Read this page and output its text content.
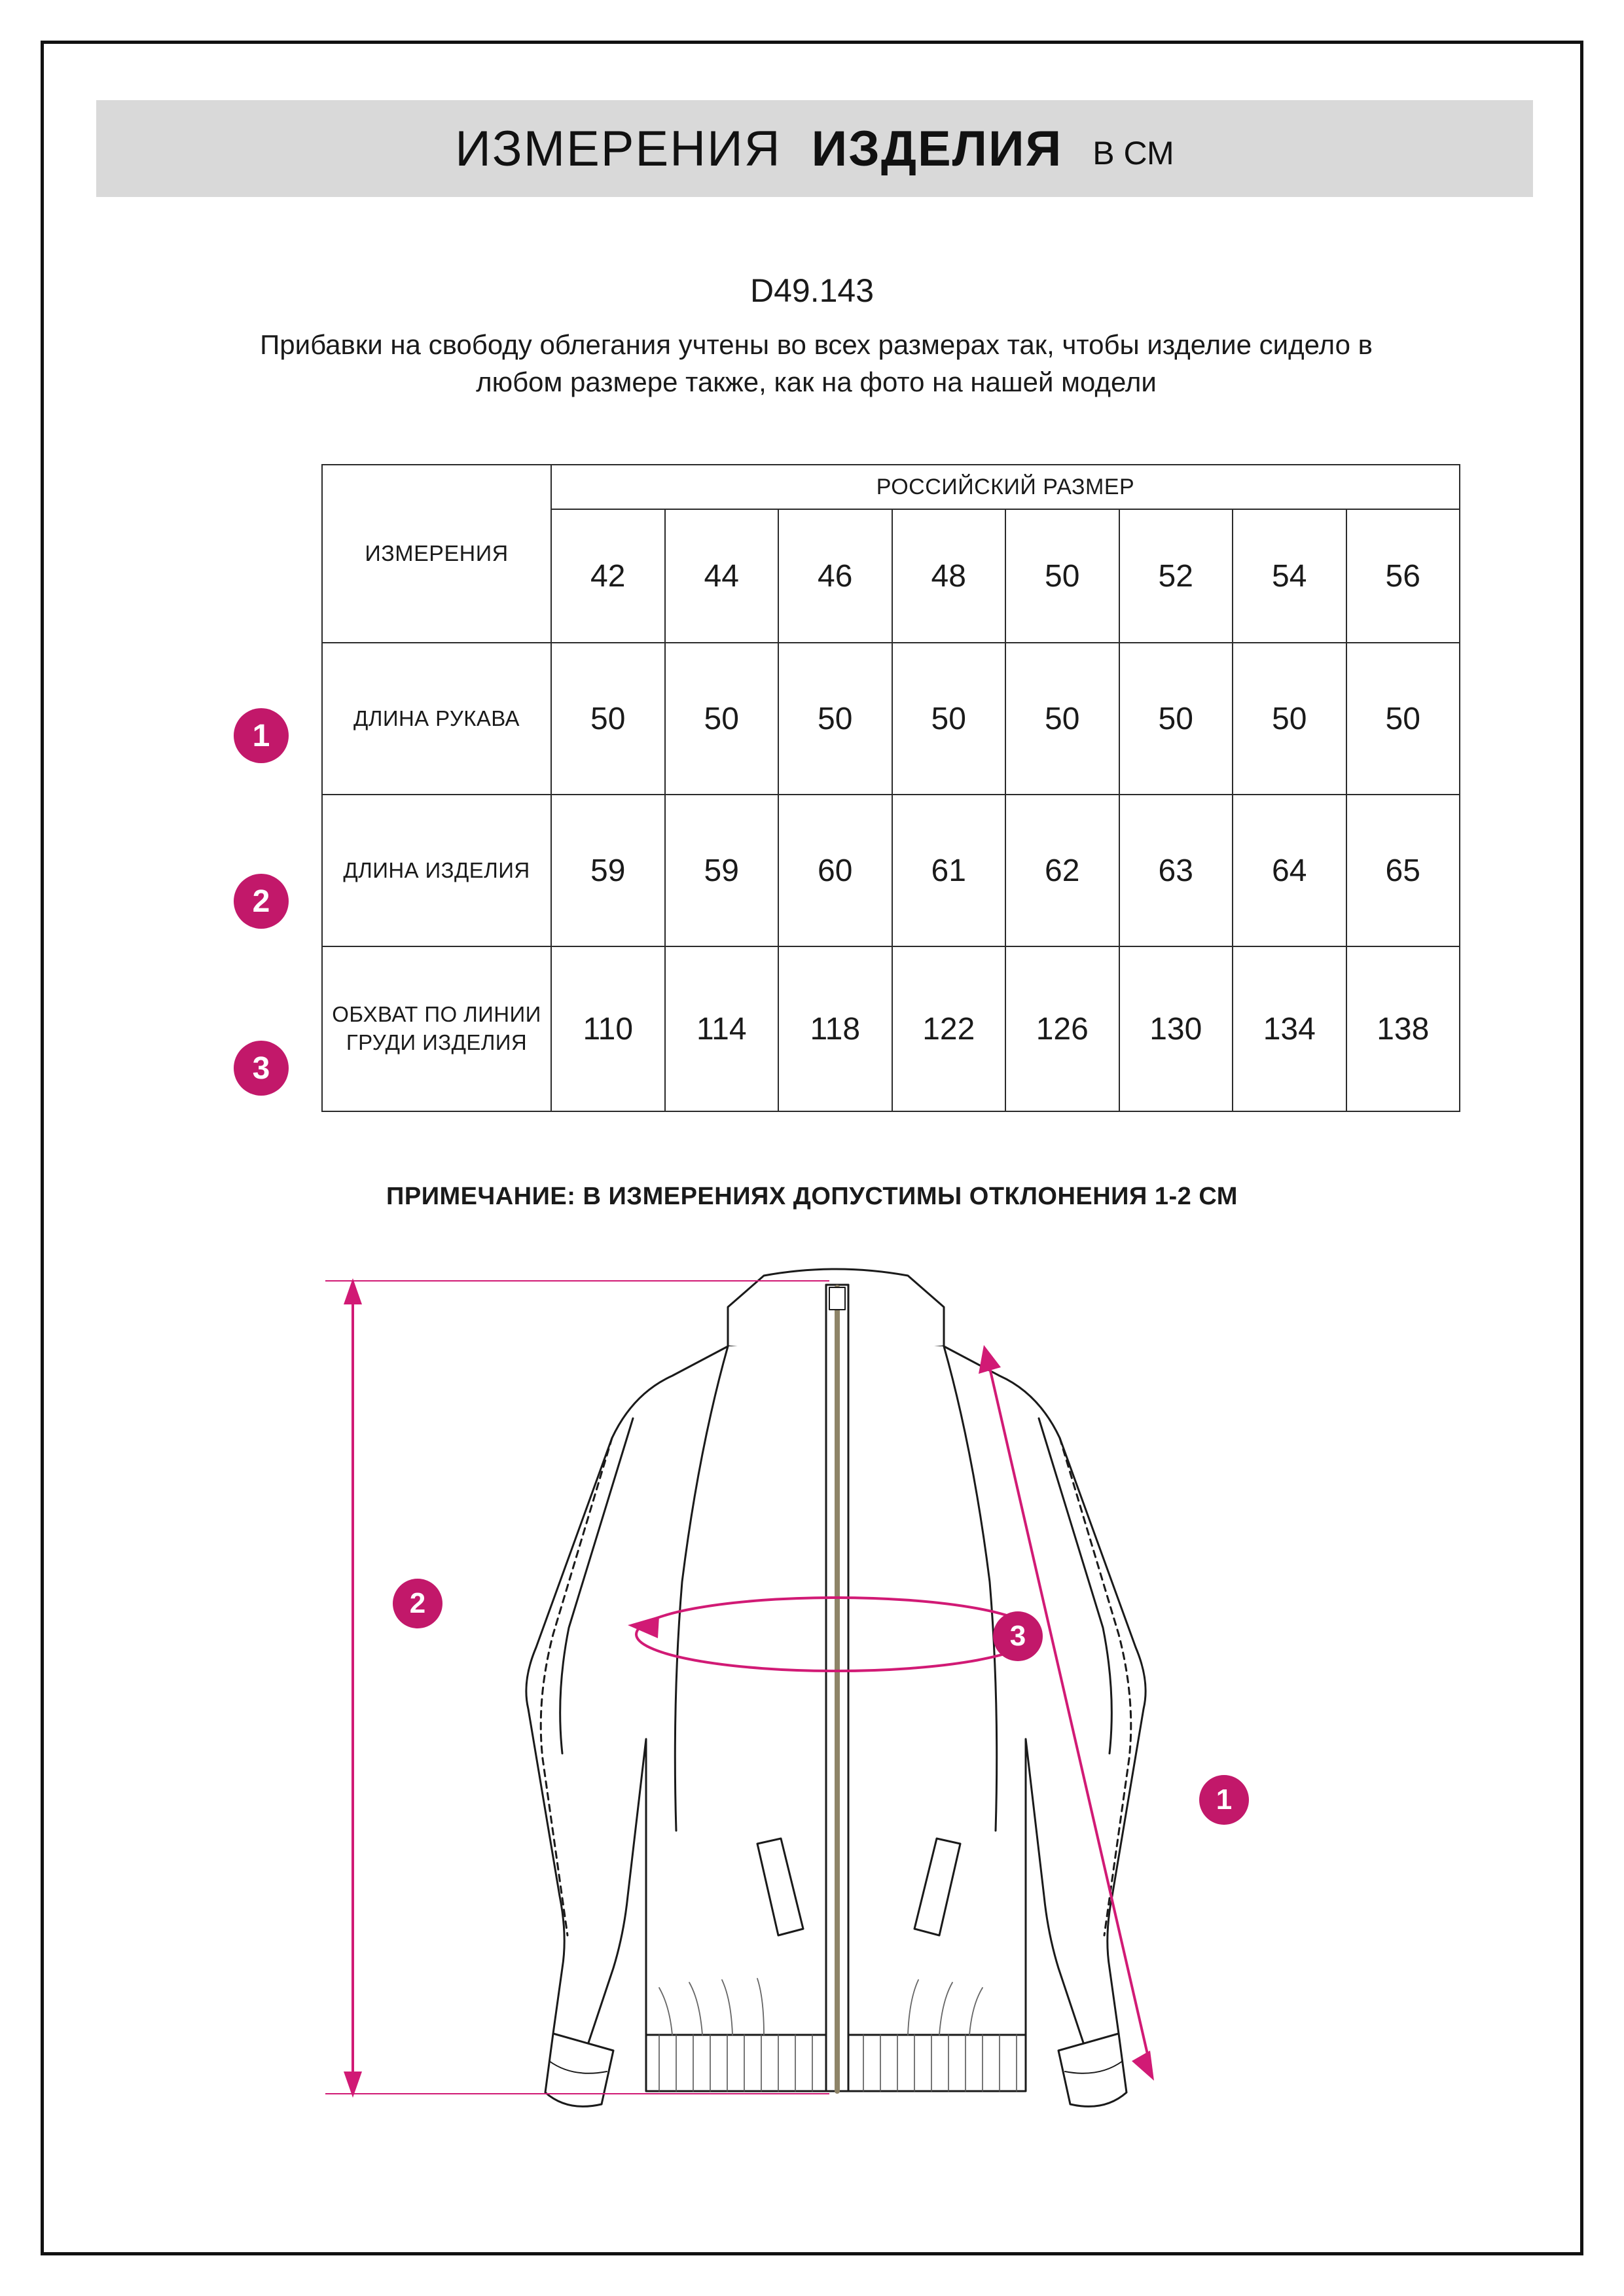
ИЗМЕРЕНИЯ ИЗДЕЛИЯ В СМ
D49.143
Прибавки на свободу облегания учтены во всех размерах так, чтобы изделие сидело в любом размере также, как на фото на нашей модели
1
2
3
ИЗМЕРЕНИЯ	РОССИЙСКИЙ РАЗМЕР							
	42	44	46	48	50	52	54	56
ДЛИНА РУКАВА	50	50	50	50	50	50	50	50
ДЛИНА ИЗДЕЛИЯ	59	59	60	61	62	63	64	65
ОБХВАТ ПО ЛИНИИ ГРУДИ ИЗДЕЛИЯ	110	114	118	122	126	130	134	138
ПРИМЕЧАНИЕ: В ИЗМЕРЕНИЯХ ДОПУСТИМЫ ОТКЛОНЕНИЯ 1-2 СМ
2
3
1
